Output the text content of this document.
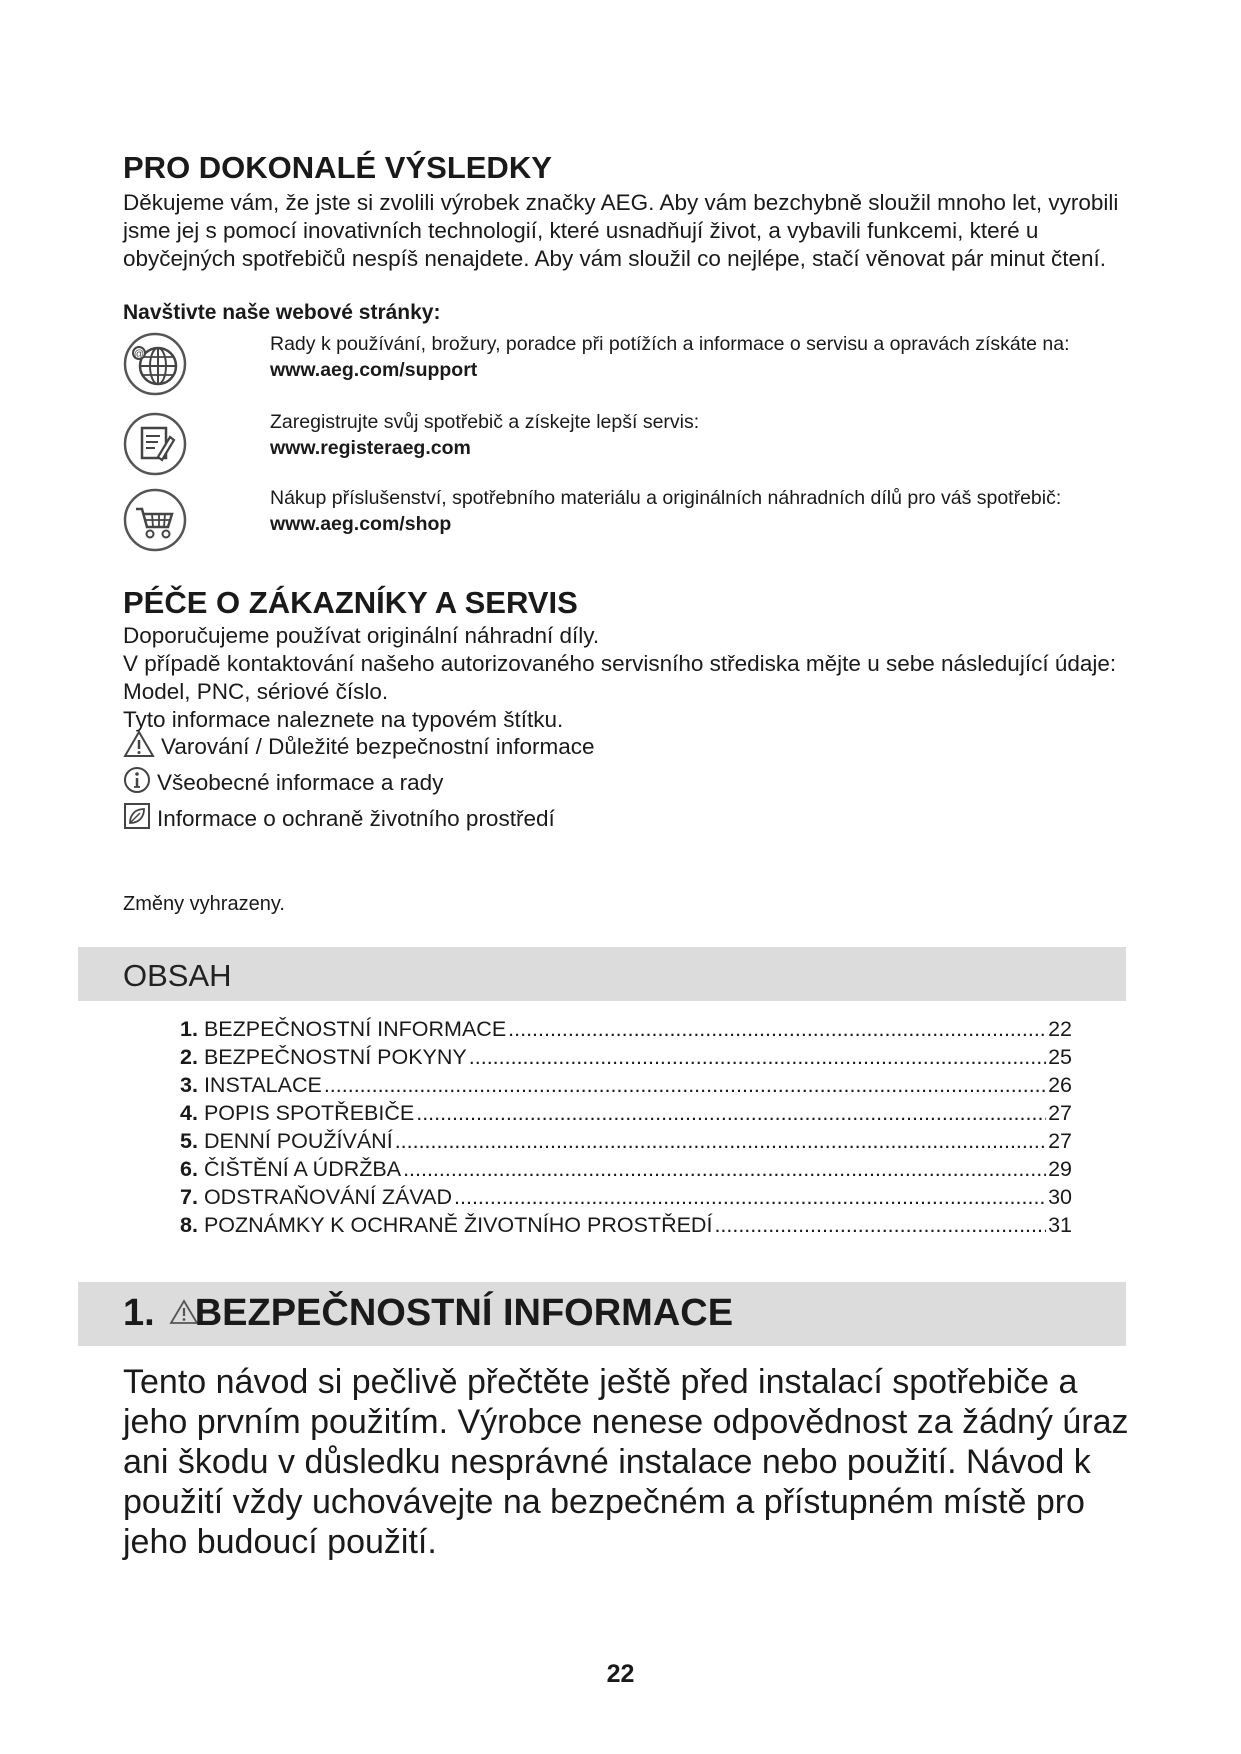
PRO DOKONALÉ VÝSLEDKY

Děkujeme vám, že jste si zvolili výrobek značky AEG. Aby vám bezchybně sloužil mnoho let, vyrobili jsme jej s pomocí inovativních technologií, které usnadňují život, a vybavili funkcemi, které u obyčejných spotřebičů nespíš nenajdete. Aby vám sloužil co nejlépe, stačí věnovat pár minut čtení.

Navštivte naše webové stránky:
@	Rady k používání, brožury, poradce při potížích a informace o servisu a opravách získáte na:
www.aeg.com/support
Zaregistrujte svůj spotřebič a získejte lepší servis:
www.registeraeg.com
Nákup příslušenství, spotřebního materiálu a originálních náhradních dílů pro váš spotřebič:
www.aeg.com/shop
PÉČE O ZÁKAZNÍKY A SERVIS
Doporučujeme používat originální náhradní díly.
V případě kontaktování našeho autorizovaného servisního střediska mějte u sebe následující údaje: Model, PNC, sériové číslo.
Tyto informace naleznete na typovém štítku.
Varování / Důležité bezpečnostní informace
Všeobecné informace a rady
Informace o ochraně životního prostředí
Změny vyhrazeny.
OBSAH
1. BEZPEČNOSTNÍ INFORMACE .....	22
2. BEZPEČNOSTNÍ POKYNY .....	25
3. INSTALACE .....	26
4. POPIS SPOTŘEBIČE .....	27
5. DENNÍ POUŽÍVÁNÍ .....	27
6. ČIŠTĚNÍ A ÚDRŽBA .....	29
7. ODSTRAŇOVÁNÍ ZÁVAD .....	30
8. POZNÁMKY K OCHRANĚ ŽIVOTNÍHO PROSTŘEDÍ .....	31
1. BEZPEČNOSTNÍ INFORMACE

Tento návod si pečlivě přečtěte ještě před instalací spotřebiče a jeho prvním použitím. Výrobce nenese odpovědnost za žádný úraz ani škodu v důsledku nesprávné instalace nebo použití. Návod k použití vždy uchovávejte na bezpečném a přístupném místě pro jeho budoucí použití.

22
